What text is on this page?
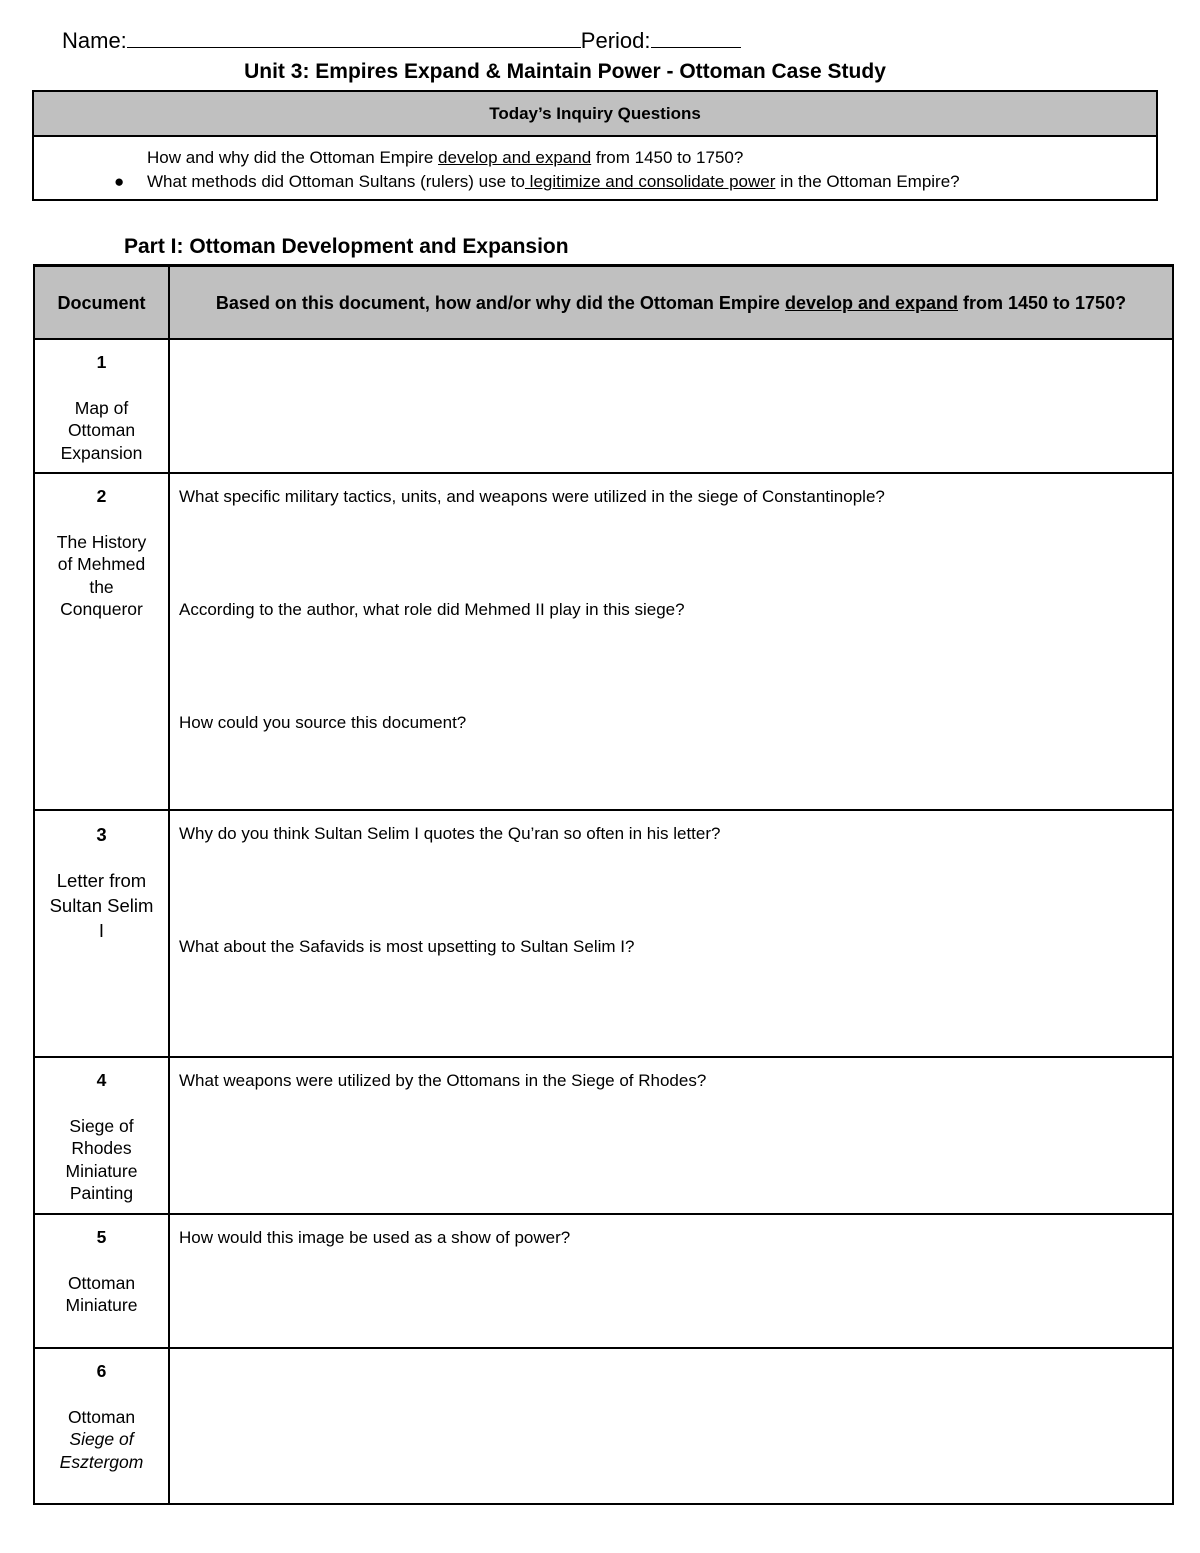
Name:	Period:
Unit 3: Empires Expand & Maintain Power - Ottoman Case Study
Today’s Inquiry Questions
How and why did the Ottoman Empire develop and expand from 1450 to 1750?
● What methods did Ottoman Sultans (rulers) use to legitimize and consolidate power in the Ottoman Empire?
Part I: Ottoman Development and Expansion
Document	Based on this document, how and/or why did the Ottoman Empire develop and expand from 1450 to 1750?
1
Map of Ottoman Expansion
2
The History of Mehmed the Conqueror
What specific military tactics, units, and weapons were utilized in the siege of Constantinople?
According to the author, what role did Mehmed II play in this siege?
How could you source this document?
3
Letter from Sultan Selim I
Why do you think Sultan Selim I quotes the Qu’ran so often in his letter?
What about the Safavids is most upsetting to Sultan Selim I?
4
Siege of Rhodes Miniature Painting
What weapons were utilized by the Ottomans in the Siege of Rhodes?
5
Ottoman Miniature
How would this image be used as a show of power?
6
Ottoman
Siege of Esztergom
